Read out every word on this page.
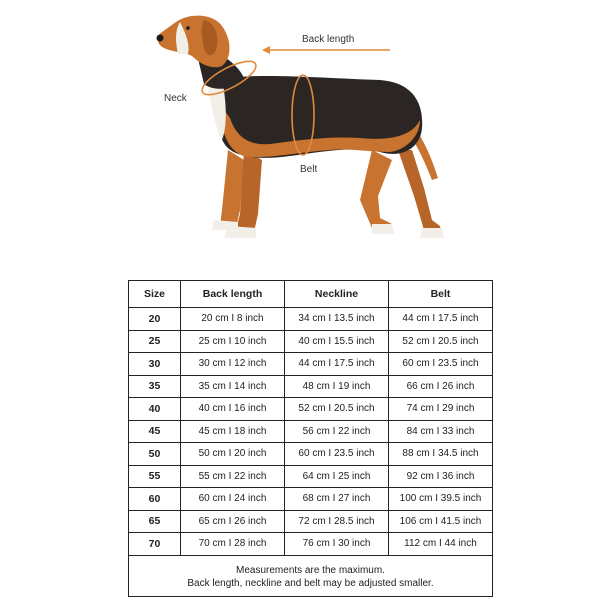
Back length
Neck
Belt
Size	Back length	Neckline	Belt
20	20 cm I 8 inch	34 cm I 13.5 inch	44 cm I 17.5 inch
25	25 cm I 10 inch	40 cm I 15.5 inch	52 cm I 20.5 inch
30	30 cm I 12 inch	44 cm I 17.5 inch	60 cm I 23.5 inch
35	35 cm I 14 inch	48 cm I 19 inch	66 cm I 26 inch
40	40 cm I 16 inch	52 cm I 20.5 inch	74 cm I 29 inch
45	45 cm I 18 inch	56 cm I 22 inch	84 cm I 33 inch
50	50 cm I 20 inch	60 cm I 23.5 inch	88 cm I 34.5 inch
55	55 cm I 22 inch	64 cm I 25 inch	92 cm I 36 inch
60	60 cm I 24 inch	68 cm I 27 inch	100 cm I 39.5 inch
65	65 cm I 26 inch	72 cm I 28.5 inch	106 cm I 41.5 inch
70	70 cm I 28 inch	76 cm I 30 inch	112 cm I 44 inch

Measurements are the maximum.
Back length, neckline and belt may be adjusted smaller.			
